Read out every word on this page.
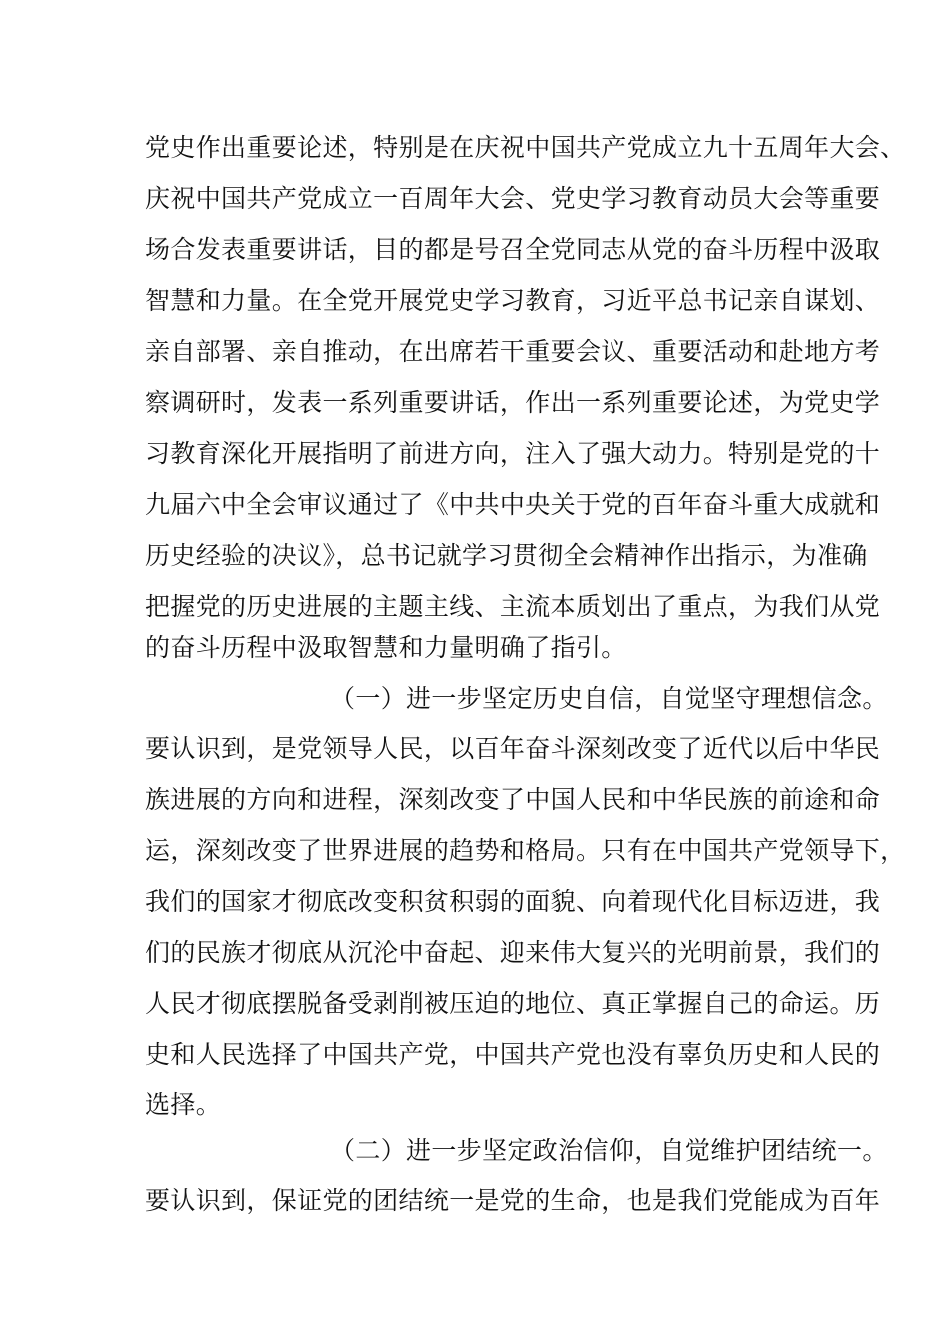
党史作出重要论述，特别是在庆祝中国共产党成立九十五周年大会、
庆祝中国共产党成立一百周年大会、党史学习教育动员大会等重要
场合发表重要讲话，目的都是号召全党同志从党的奋斗历程中汲取
智慧和力量。在全党开展党史学习教育，习近平总书记亲自谋划、
亲自部署、亲自推动，在出席若干重要会议、重要活动和赴地方考
察调研时，发表一系列重要讲话，作出一系列重要论述，为党史学
习教育深化开展指明了前进方向，注入了强大动力。特别是党的十
九届六中全会审议通过了《中共中央关于党的百年奋斗重大成就和
历史经验的决议》，总书记就学习贯彻全会精神作出指示，为准确
把握党的历史进展的主题主线、主流本质划出了重点，为我们从党
的奋斗历程中汲取智慧和力量明确了指引。
（一）进一步坚定历史自信，自觉坚守理想信念。
要认识到，是党领导人民，以百年奋斗深刻改变了近代以后中华民
族进展的方向和进程，深刻改变了中国人民和中华民族的前途和命
运，深刻改变了世界进展的趋势和格局。只有在中国共产党领导下，
我们的国家才彻底改变积贫积弱的面貌、向着现代化目标迈进，我
们的民族才彻底从沉沦中奋起、迎来伟大复兴的光明前景，我们的
人民才彻底摆脱备受剥削被压迫的地位、真正掌握自己的命运。历
史和人民选择了中国共产党，中国共产党也没有辜负历史和人民的
选择。
（二）进一步坚定政治信仰，自觉维护团结统一。
要认识到，保证党的团结统一是党的生命，也是我们党能成为百年
